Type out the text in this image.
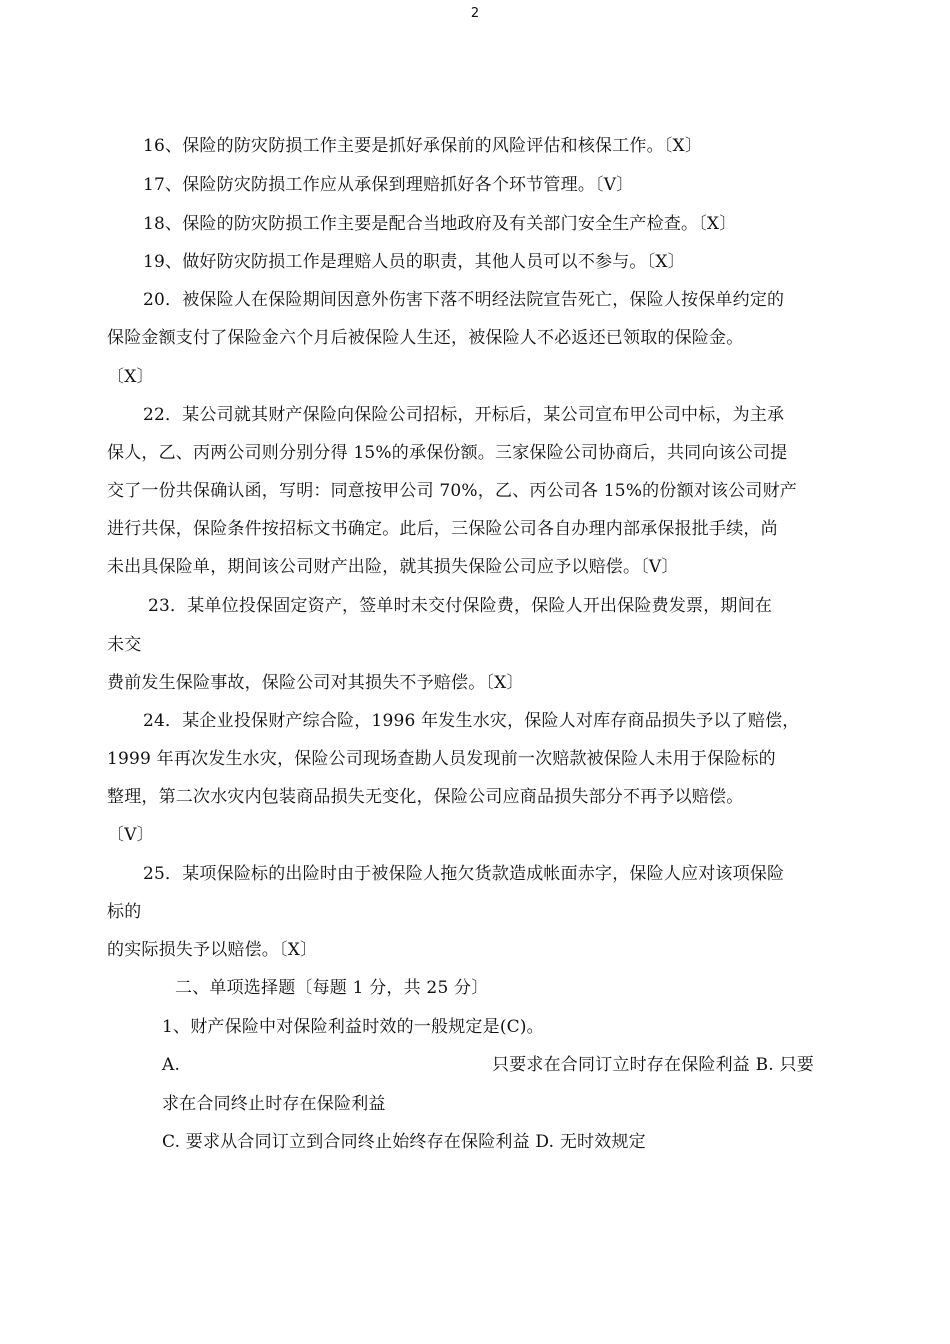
2
16、保险的防灾防损工作主要是抓好承保前的风险评估和核保工作。〔X〕
17、保险防灾防损工作应从承保到理赔抓好各个环节管理。〔V〕
18、保险的防灾防损工作主要是配合当地政府及有关部门安全生产检查。〔X〕
19、做好防灾防损工作是理赔人员的职责，其他人员可以不参与。〔X〕
20．被保险人在保险期间因意外伤害下落不明经法院宣告死亡，保险人按保单约定的
保险金额支付了保险金六个月后被保险人生还，被保险人不必返还已领取的保险金。
〔X〕
22．某公司就其财产保险向保险公司招标，开标后，某公司宣布甲公司中标，为主承
保人，乙、丙两公司则分别分得 15%的承保份额。三家保险公司协商后，共同向该公司提
交了一份共保确认函，写明：同意按甲公司 70%，乙、丙公司各 15%的份额对该公司财产
进行共保，保险条件按招标文书确定。此后，三保险公司各自办理内部承保报批手续，尚
未出具保险单，期间该公司财产出险，就其损失保险公司应予以赔偿。〔V〕
23．某单位投保固定资产，签单时未交付保险费，保险人开出保险费发票，期间在
未交
费前发生保险事故，保险公司对其损失不予赔偿。〔X〕
24．某企业投保财产综合险，1996 年发生水灾，保险人对库存商品损失予以了赔偿，
1999 年再次发生水灾，保险公司现场查勘人员发现前一次赔款被保险人未用于保险标的
整理，第二次水灾内包装商品损失无变化，保险公司应商品损失部分不再予以赔偿。
〔V〕
25．某项保险标的出险时由于被保险人拖欠货款造成帐面赤字，保险人应对该项保险
标的
的实际损失予以赔偿。〔X〕
二、单项选择题〔每题 1 分，共 25 分〕
1、财产保险中对保险利益时效的一般规定是(C)。
A.	只要求在合同订立时存在保险利益 B. 只要
求在合同终止时存在保险利益
C. 要求从合同订立到合同终止始终存在保险利益 D. 无时效规定
